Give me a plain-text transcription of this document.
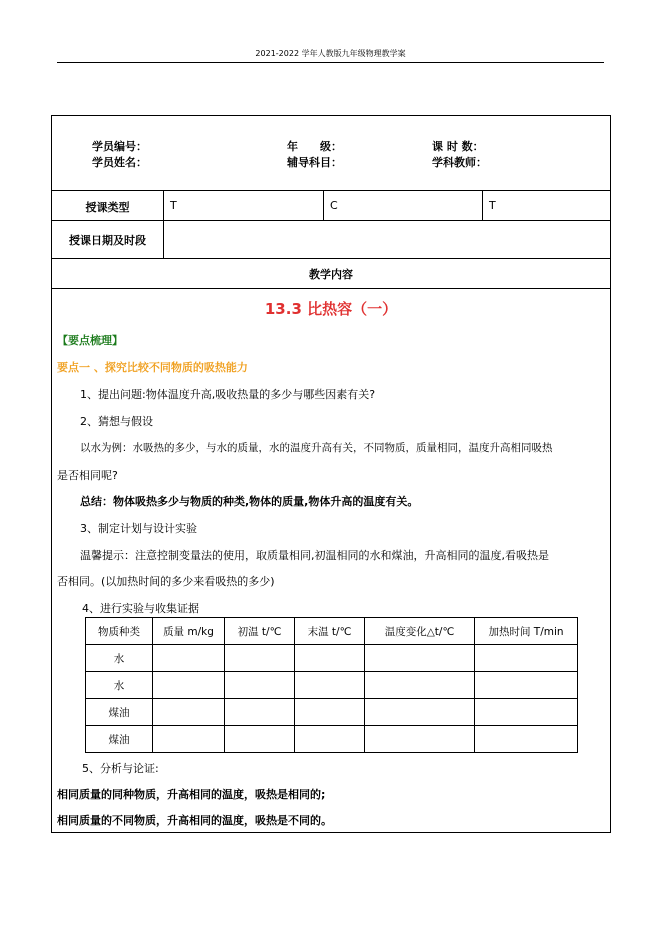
2021-2022 学年人教版九年级物理教学案
学员编号：	年　　级：	课 时 数：
学员姓名：	辅导科目：	学科教师：
授课类型	T	C	T
授课日期及时段
教学内容
13.3 比热容（一）

【要点梳理】

要点一 、探究比较不同物质的吸热能力

1、提出问题:物体温度升高,吸收热量的多少与哪些因素有关?

2、猜想与假设

以水为例：水吸热的多少，与水的质量，水的温度升高有关，不同物质，质量相同，温度升高相同吸热

是否相同呢?

总结：物体吸热多少与物质的种类,物体的质量,物体升高的温度有关。

3、制定计划与设计实验

温馨提示：注意控制变量法的使用，取质量相同,初温相同的水和煤油，升高相同的温度,看吸热是

否相同。(以加热时间的多少来看吸热的多少)

4、进行实验与收集证据

物质种类	质量 m/kg	初温 t/℃	末温 t/℃	温度变化△t/℃	加热时间 T/min
水					
水					
煤油					
煤油					

5、分析与论证:

相同质量的同种物质，升高相同的温度，吸热是相同的;

相同质量的不同物质，升高相同的温度，吸热是不同的。
